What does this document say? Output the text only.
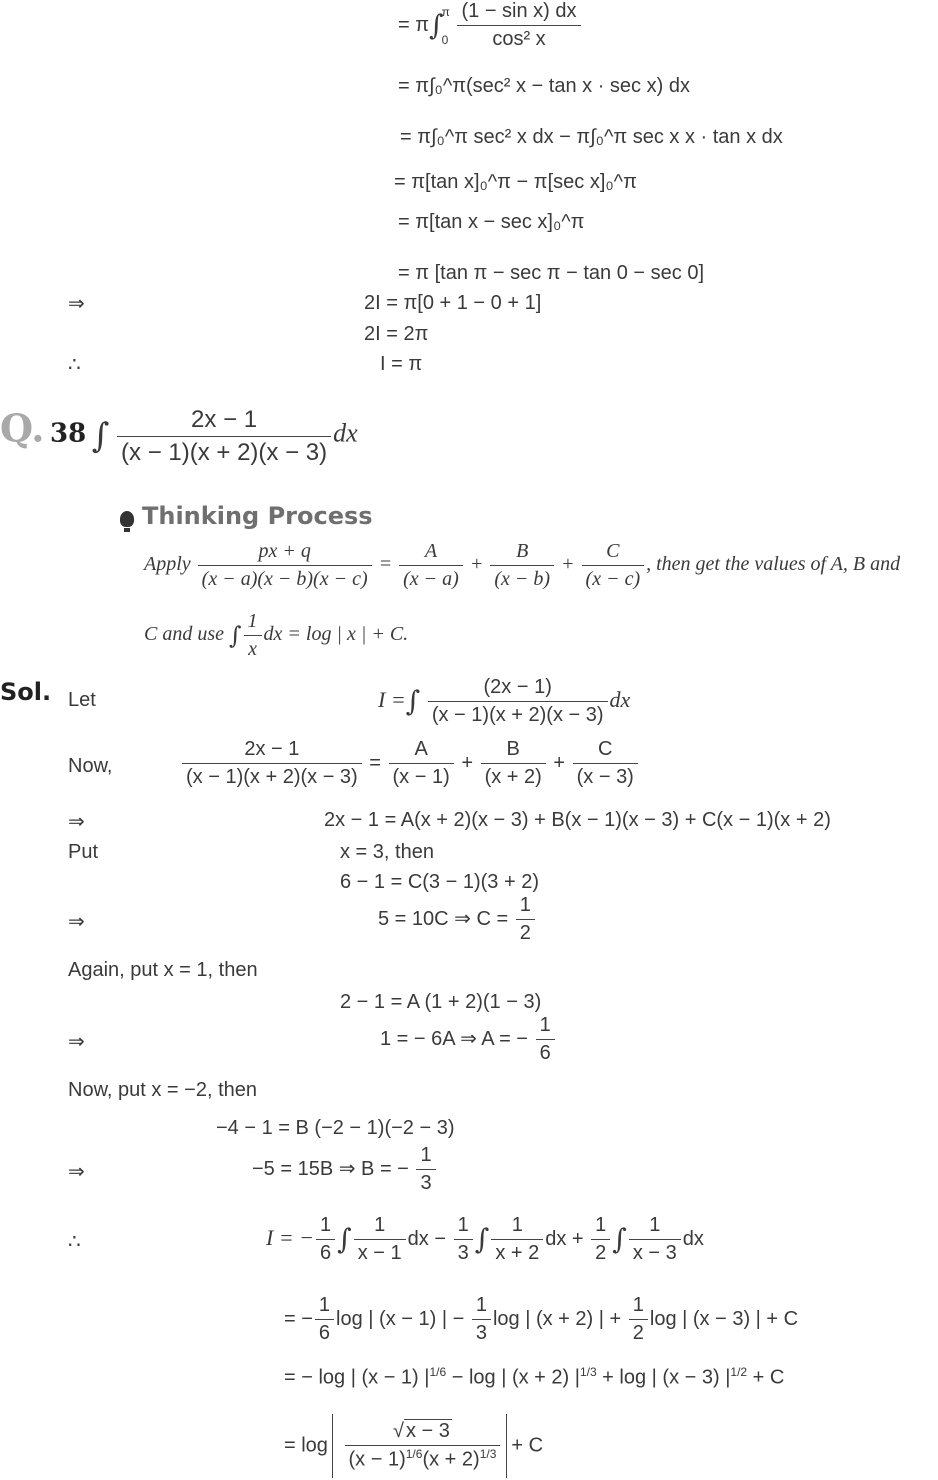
= π∫
π
0
$\frac{\text{(1 − sin x) dx}}{\text{cos² x}}$
= π∫₀^π(sec² x − tan x · sec x) dx
= π∫₀^π sec² x dx − π∫₀^π sec x x · tan x dx
= π[tan x]₀^π − π[sec x]₀^π
= π[tan x − sec x]₀^π
= π [tan π − sec π − tan 0 − sec 0]
⇒	2I = π[0 + 1 − 0 + 1]
2I = 2π
∴	I = π
Q. 38 ∫ $\frac{2x - 1}{(x - 1)(x + 2)(x - 3)}$ dx
Thinking Process
Apply $\frac{px + q}{(x - a)(x - b)(x - c)} = \frac{A}{(x - a)} + \frac{B}{(x - b)} + \frac{C}{(x - c)}$ , then get the values of A, B and
C and use ∫ $\frac{1}{x}$ dx = log | x | + C.
Sol. Let	I =∫ $\frac{(2x - 1)}{(x - 1)(x + 2)(x - 3)}$ dx
Now,	$\frac{2x - 1}{(x - 1)(x + 2)(x - 3)} = \frac{A}{(x - 1)} + \frac{B}{(x + 2)} + \frac{C}{(x - 3)}$
⇒	2x − 1 = A(x + 2)(x − 3) + B(x − 1)(x − 3) + C(x − 1)(x + 2)
Put	x = 3, then
6 − 1 = C(3 − 1)(3 + 2)
⇒	5 = 10C ⇒ $C = \frac{1}{2}$
Again, put x = 1, then
2 − 1 = A (1 + 2)(1 − 3)
⇒	1 = − 6A ⇒ A = − $\frac{1}{6}$
Now, put x = −2, then
−4 − 1 = B (−2 − 1)(−2 − 3)
⇒	−5 = 15B ⇒ B = − $\frac{1}{3}$
∴	I = − $\frac{1}{6}$ ∫ $\frac{1}{x - 1}$ dx − $\frac{1}{3}$ ∫ $\frac{1}{x + 2}$ dx + $\frac{1}{2}$ ∫ $\frac{1}{x - 3}$ dx
= − $\frac{1}{6}$ log | (x − 1) | − $\frac{1}{3}$ log | (x + 2) | + $\frac{1}{2}$ log | (x − 3) | + C
= − log | (x − 1) $|^{1/6} - \log$ | (x + 2) $|^{1/3} + \log$ | (x − 3) $|^{1/2} + C$
= $\log \frac{√ x - 3}{(x - 1)^{1/6}(x + 2)^{1/3}} + C$
